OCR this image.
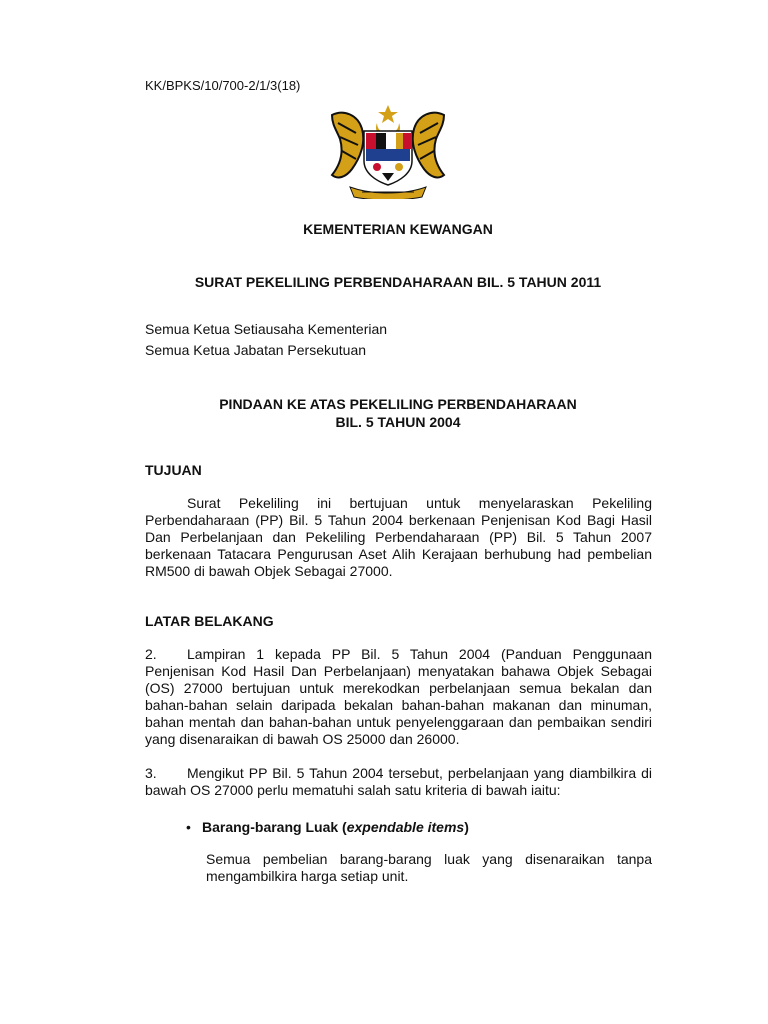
KK/BPKS/10/700-2/1/3(18)
KEMENTERIAN KEWANGAN
SURAT PEKELILING PERBENDAHARAAN BIL. 5 TAHUN 2011
Semua Ketua Setiausaha Kementerian
Semua Ketua Jabatan Persekutuan
PINDAAN KE ATAS PEKELILING PERBENDAHARAAN
BIL. 5 TAHUN 2004
TUJUAN
Surat Pekeliling ini bertujuan untuk menyelaraskan Pekeliling Perbendaharaan (PP) Bil. 5 Tahun 2004 berkenaan Penjenisan Kod Bagi Hasil Dan Perbelanjaan dan Pekeliling Perbendaharaan (PP) Bil. 5 Tahun 2007 berkenaan Tatacara Pengurusan Aset Alih Kerajaan berhubung had pembelian RM500 di bawah Objek Sebagai 27000.
LATAR BELAKANG
2. Lampiran 1 kepada PP Bil. 5 Tahun 2004 (Panduan Penggunaan Penjenisan Kod Hasil Dan Perbelanjaan) menyatakan bahawa Objek Sebagai (OS) 27000 bertujuan untuk merekodkan perbelanjaan semua bekalan dan bahan-bahan selain daripada bekalan bahan-bahan makanan dan minuman, bahan mentah dan bahan-bahan untuk penyelenggaraan dan pembaikan sendiri yang disenaraikan di bawah OS 25000 dan 26000.
3. Mengikut PP Bil. 5 Tahun 2004 tersebut, perbelanjaan yang diambilkira di bawah OS 27000 perlu mematuhi salah satu kriteria di bawah iaitu:
• Barang-barang Luak (expendable items)
Semua pembelian barang-barang luak yang disenaraikan tanpa mengambilkira harga setiap unit.
